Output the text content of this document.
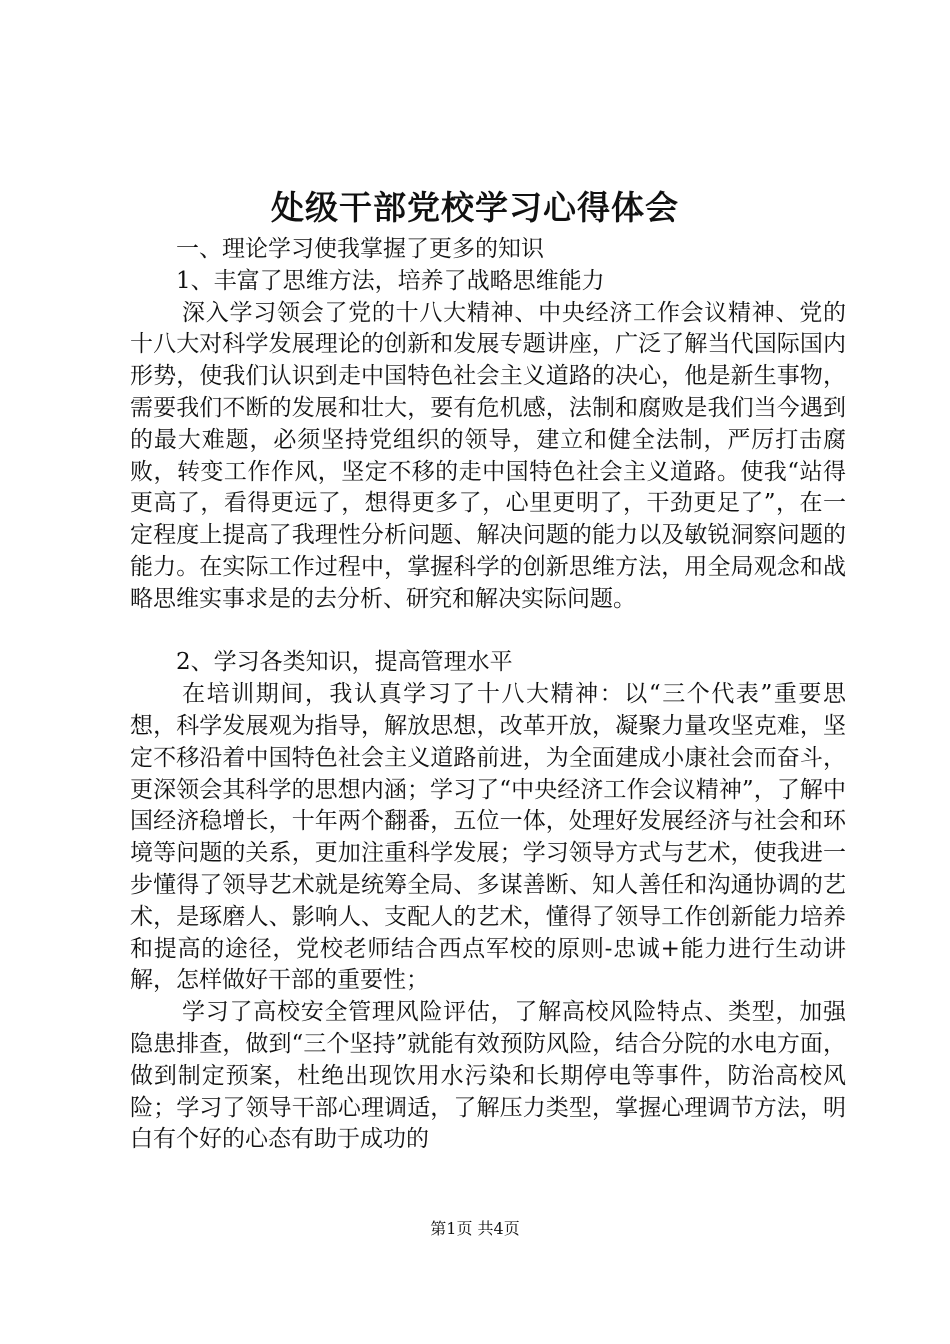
处级干部党校学习心得体会

一、理论学习使我掌握了更多的知识

1、丰富了思维方法，培养了战略思维能力

深入学习领会了党的十八大精神、中央经济工作会议精神、党的十八大对科学发展理论的创新和发展专题讲座，广泛了解当代国际国内形势，使我们认识到走中国特色社会主义道路的决心，他是新生事物，需要我们不断的发展和壮大，要有危机感，法制和腐败是我们当今遇到的最大难题，必须坚持党组织的领导，建立和健全法制，严厉打击腐败，转变工作作风，坚定不移的走中国特色社会主义道路。使我“站得更高了，看得更远了，想得更多了，心里更明了，干劲更足了”，在一定程度上提高了我理性分析问题、解决问题的能力以及敏锐洞察问题的能力。在实际工作过程中，掌握科学的创新思维方法，用全局观念和战略思维实事求是的去分析、研究和解决实际问题。

2、学习各类知识，提高管理水平

在培训期间，我认真学习了十八大精神：以“三个代表”重要思想，科学发展观为指导，解放思想，改革开放，凝聚力量攻坚克难，坚定不移沿着中国特色社会主义道路前进，为全面建成小康社会而奋斗，更深领会其科学的思想内涵；学习了“中央经济工作会议精神”，了解中国经济稳增长，十年两个翻番，五位一体，处理好发展经济与社会和环境等问题的关系，更加注重科学发展；学习领导方式与艺术，使我进一步懂得了领导艺术就是统筹全局、多谋善断、知人善任和沟通协调的艺术，是琢磨人、影响人、支配人的艺术，懂得了领导工作创新能力培养和提高的途径，党校老师结合西点军校的原则-忠诚+能力进行生动讲解，怎样做好干部的重要性；

学习了高校安全管理风险评估，了解高校风险特点、类型，加强隐患排查，做到“三个坚持”就能有效预防风险，结合分院的水电方面，做到制定预案，杜绝出现饮用水污染和长期停电等事件，防治高校风险；学习了领导干部心理调适，了解压力类型，掌握心理调节方法，明白有个好的心态有助于成功的

第1页 共4页
